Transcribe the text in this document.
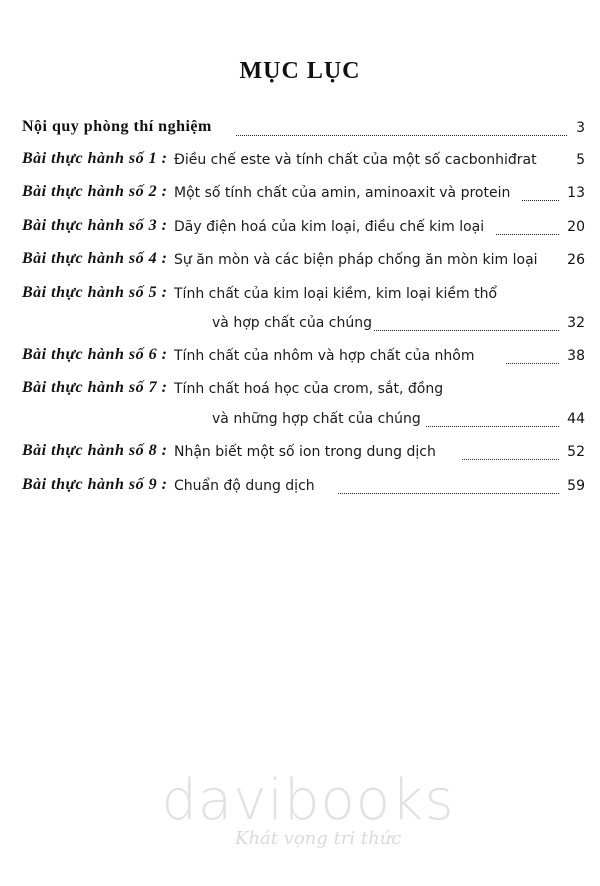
MỤC LỤC
Nội quy phòng thí nghiệm	3
Bài thực hành số 1 : Điều chế este và tính chất của một số cacbonhiđrat	5
Bài thực hành số 2 : Một số tính chất của amin, aminoaxit và protein	13
Bài thực hành số 3 : Dãy điện hoá của kim loại, điều chế kim loại	20
Bài thực hành số 4 : Sự ăn mòn và các biện pháp chống ăn mòn kim loại 26
Bài thực hành số 5 : Tính chất của kim loại kiềm, kim loại kiềm thổ
và hợp chất của chúng	32
Bài thực hành số 6 : Tính chất của nhôm và hợp chất của nhôm	38
Bài thực hành số 7 : Tính chất hoá học của crom, sắt, đồng
và những hợp chất của chúng	44
Bài thực hành số 8 : Nhận biết một số ion trong dung dịch	52
Bài thực hành số 9 : Chuẩn độ dung dịch	59
davibooks
Khát vọng tri thức
